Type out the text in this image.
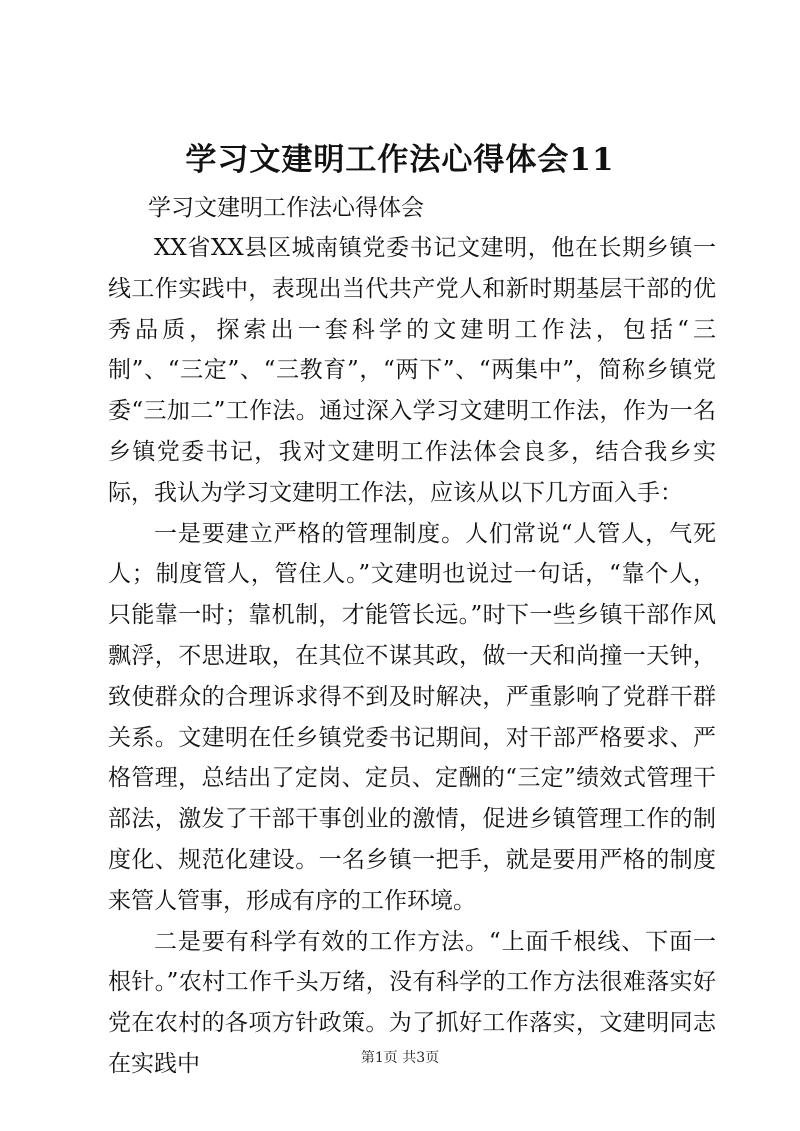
学习文建明工作法心得体会11
学习文建明工作法心得体会

XX省XX县区城南镇党委书记文建明，他在长期乡镇一线工作实践中，表现出当代共产党人和新时期基层干部的优秀品质，探索出一套科学的文建明工作法，包括“三制”、“三定”、“三教育”，“两下”、“两集中”，简称乡镇党委“三加二”工作法。通过深入学习文建明工作法，作为一名乡镇党委书记，我对文建明工作法体会良多，结合我乡实际，我认为学习文建明工作法，应该从以下几方面入手：

一是要建立严格的管理制度。人们常说“人管人，气死人；制度管人，管住人。”文建明也说过一句话，“靠个人，只能靠一时；靠机制，才能管长远。”时下一些乡镇干部作风飘浮，不思进取，在其位不谋其政，做一天和尚撞一天钟，致使群众的合理诉求得不到及时解决，严重影响了党群干群关系。文建明在任乡镇党委书记期间，对干部严格要求、严格管理，总结出了定岗、定员、定酬的“三定”绩效式管理干部法，激发了干部干事创业的激情，促进乡镇管理工作的制度化、规范化建设。一名乡镇一把手，就是要用严格的制度来管人管事，形成有序的工作环境。

二是要有科学有效的工作方法。“上面千根线、下面一根针。”农村工作千头万绪，没有科学的工作方法很难落实好党在农村的各项方针政策。为了抓好工作落实，文建明同志在实践中	第1页 共3页
